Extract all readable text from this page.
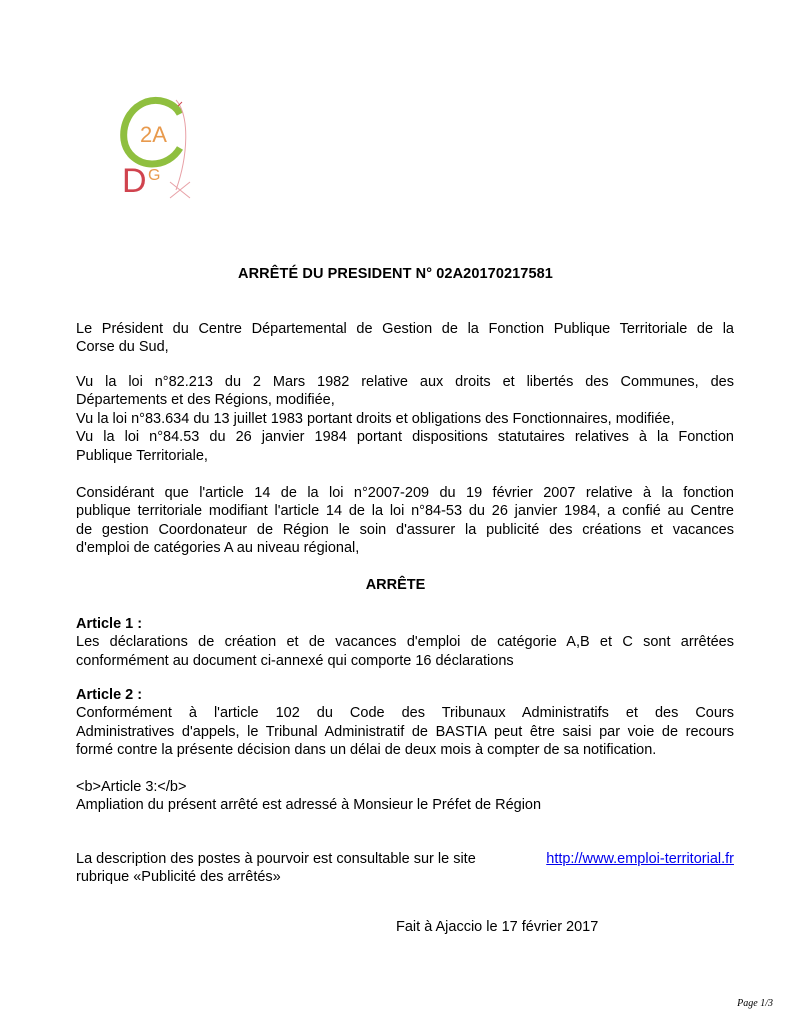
2A
D G
ARRÊTÉ DU PRESIDENT N° 02A20170217581
Le Président du Centre Départemental de Gestion de la Fonction Publique Territoriale de la
Corse du Sud,
Vu la loi n°82.213 du 2 Mars 1982 relative aux droits et libertés des Communes, des
Départements et des Régions, modifiée,
Vu la loi n°83.634 du 13 juillet 1983 portant droits et obligations des Fonctionnaires, modifiée,
Vu la loi n°84.53 du 26 janvier 1984 portant dispositions statutaires relatives à la Fonction
Publique Territoriale,
Considérant que l'article 14 de la loi n°2007-209 du 19 février 2007 relative à la fonction
publique territoriale modifiant l'article 14 de la loi n°84-53 du 26 janvier 1984, a confié au Centre
de gestion Coordonateur de Région le soin d'assurer la publicité des créations et vacances
d'emploi de catégories A au niveau régional,
ARRÊTE
Article 1 :
Les déclarations de création et de vacances d'emploi de catégorie A,B et C sont arrêtées
conformément au document ci-annexé qui comporte 16 déclarations
Article 2 :
Conformément à l'article 102 du Code des Tribunaux Administratifs et des Cours
Administratives d'appels, le Tribunal Administratif de BASTIA peut être saisi par voie de recours
formé contre la présente décision dans un délai de deux mois à compter de sa notification.
<b>Article 3:</b>
Ampliation du présent arrêté est adressé à Monsieur le Préfet de Région
La description des postes à pourvoir est consultable sur le site	http://www.emploi-territorial.fr
rubrique «Publicité des arrêtés»
Fait à Ajaccio le 17 février 2017
Page 1/3
